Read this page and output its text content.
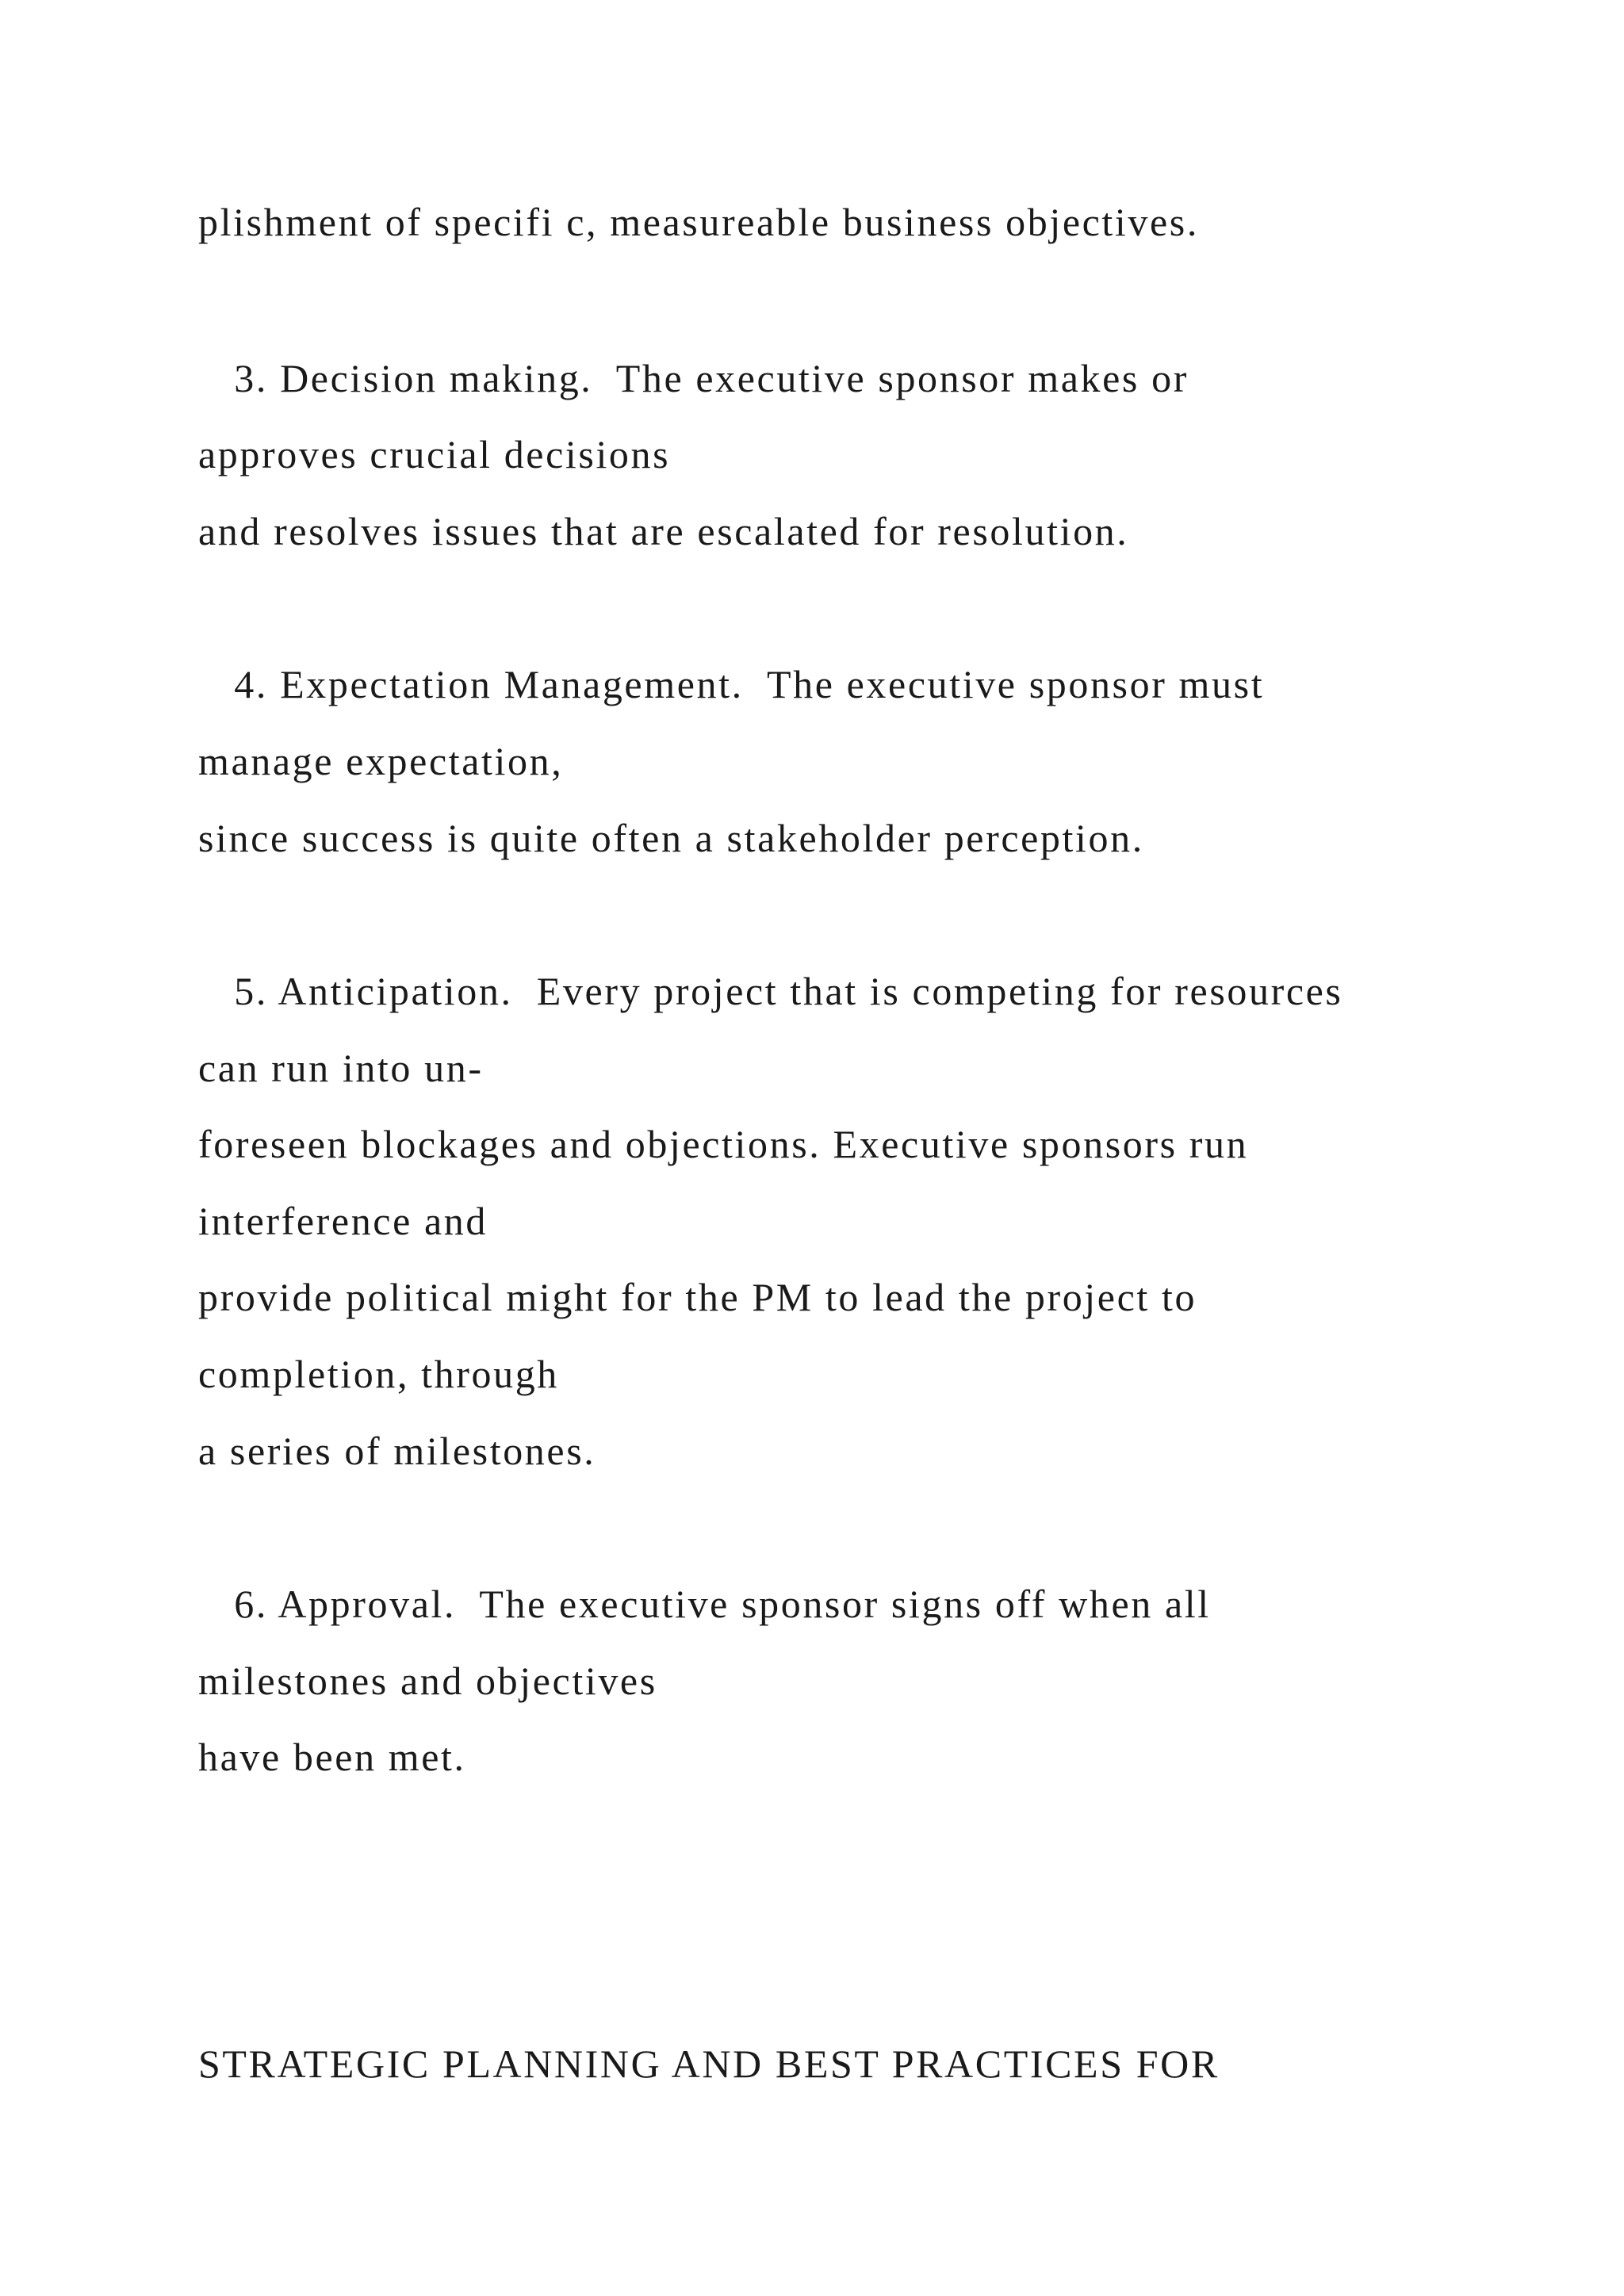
plishment of specifi c, measureable business objectives.

3. Decision making.  The executive sponsor makes or

approves crucial decisions

and resolves issues that are escalated for resolution.

4. Expectation Management.  The executive sponsor must

manage expectation,

since success is quite often a stakeholder perception.

5. Anticipation.  Every project that is competing for resources

can run into un-

foreseen blockages and objections. Executive sponsors run

interference and

provide political might for the PM to lead the project to

completion, through

a series of milestones.

6. Approval.  The executive sponsor signs off when all

milestones and objectives

have been met.

STRATEGIC PLANNING AND BEST PRACTICES FOR
